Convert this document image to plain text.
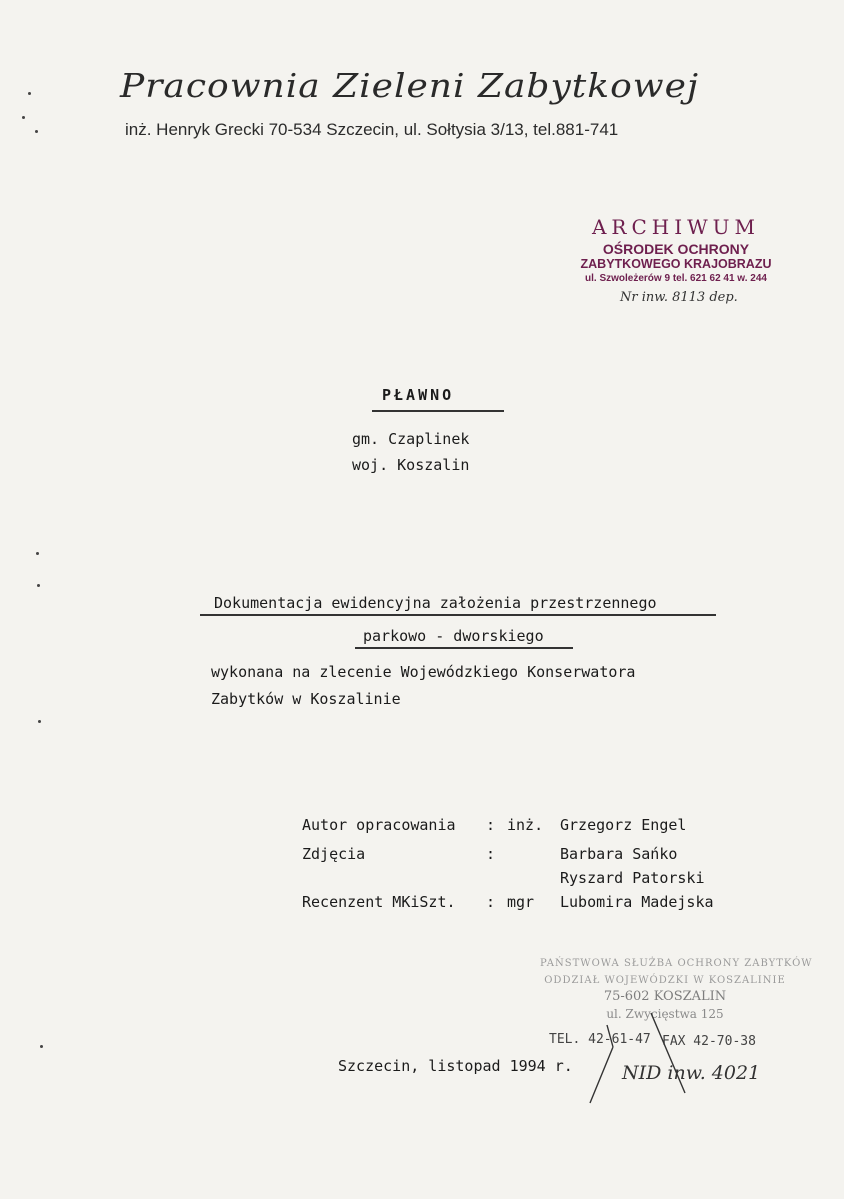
Pracownia Zieleni Zabytkowej
inż. Henryk Grecki 70-534 Szczecin, ul. Sołtysia 3/13, tel.881-741
ARCHIWUM
OŚRODEK OCHRONY
ZABYTKOWEGO KRAJOBRAZU
ul. Szwoleżerów 9 tel. 621 62 41 w. 244
Nr inw. 8113 dep.
PŁAWNO
gm. Czaplinek
woj. Koszalin
Dokumentacja ewidencyjna założenia przestrzennego
parkowo - dworskiego
wykonana na zlecenie Wojewódzkiego Konserwatora
Zabytków w Koszalinie
Autor opracowania : inż. Grzegorz Engel
Zdjęcia	:	Barbara Sańko
Ryszard Patorski
Recenzent MKiSzt. : mgr Lubomira Madejska
PAŃSTWOWA SŁUŻBA OCHRONY ZABYTKÓW
ODDZIAŁ WOJEWÓDZKI W KOSZALINIE
75-602 KOSZALIN
ul. Zwycięstwa 125
TEL. 42-61-47 FAX 42-70-38
Szczecin, listopad 1994 r.	NID inw. 4021
